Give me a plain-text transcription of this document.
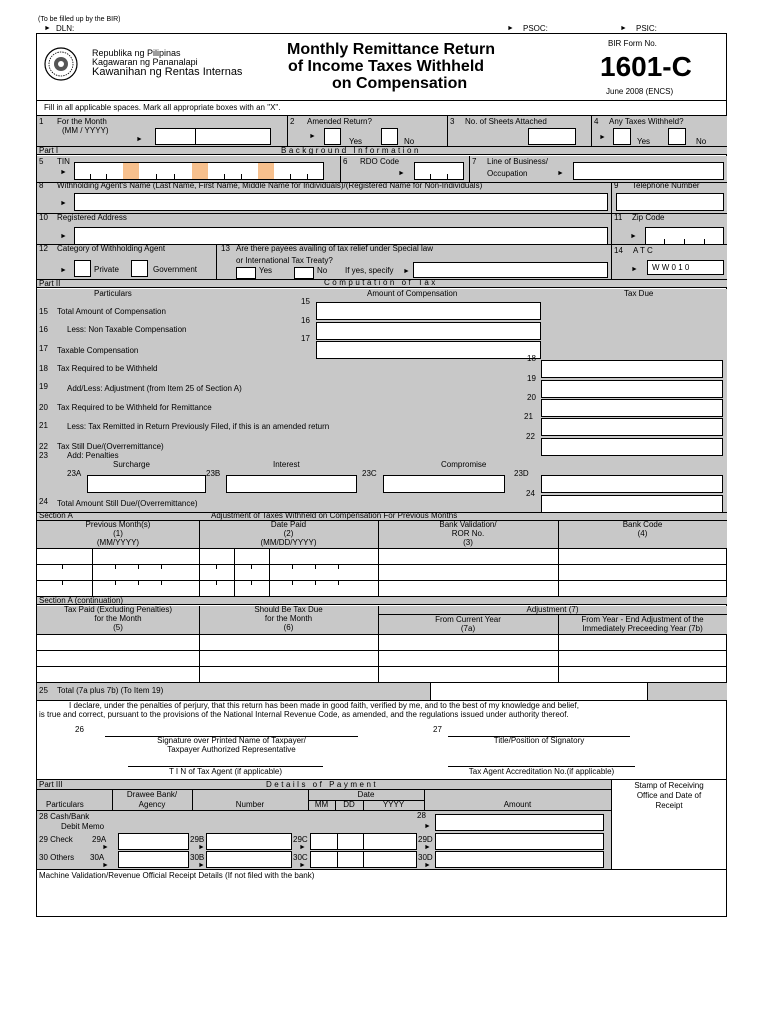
(To be filled up by the BIR)
► DLN:	► PSOC:	► PSIC:
Republika ng Pilipinas
Kagawaran ng Pananalapi
Kawanihan ng Rentas Internas
Monthly Remittance Return
of Income Taxes Withheld
on Compensation
BIR Form No.
1601-C
June 2008 (ENCS)
Fill in all applicable spaces. Mark all appropriate boxes with an "X".
1 For the Month
(MM / YYYY)
►
2 Amended Return?
►
Yes	No
3 No. of Sheets Attached	4 Any Taxes Withheld?
►	Yes	No
Part I	Background Information
5 TIN
►
6 RDO Code
►
7 Line of Business/
Occupation	►
8 Withholding Agent's Name (Last Name, First Name, Middle Name for Individuals)/(Registered Name for Non-Individuals)
►
9 Telephone Number
10 Registered Address
►
11 Zip Code
►
12 Category of Withholding Agent
►	Private	Government
13 Are there payees availing of tax relief under Special law
or International Tax Treaty?
Yes	No If yes, specify ►
14 A T C
► W W 0 1 0
Part II	Computation of Tax
Particulars	Amount of Compensation	Tax Due
15 Total Amount of Compensation
15
16 Less: Non Taxable Compensation
16
17 Taxable Compensation
17
18 Tax Required to be Withheld
18
19 Add/Less: Adjustment (from Item 25 of Section A)
19
20 Tax Required to be Withheld for Remittance
20
21 Less: Tax Remitted in Return Previously Filed, if this is an amended return
21
22 Tax Still Due/(Overremittance)
22
23 Add: Penalties
Surcharge	Interest	Compromise
23A	23B	23C	23D
24 Total Amount Still Due/(Overremittance)
24
Section A	Adjustment of Taxes Withheld on Compensation For Previous Months
Previous Month(s)
(1)
(MM/YYYY)
Date Paid
(2)
(MM/DD/YYYY)
Bank Validation/
ROR No.
(3)
Bank Code
(4)
Section A (continuation)
Tax Paid (Excluding Penalties)
for the Month
(5)
Should Be Tax Due
for the Month
(6)
Adjustment (7)
From Current Year
(7a)
From Year - End Adjustment of the
Immediately Preceeding Year (7b)
25 Total (7a plus 7b) (To Item 19)
I declare, under the penalties of perjury, that this return has been made in good faith, verified by me, and to the best of my knowledge and belief,
is true and correct, pursuant to the provisions of the National Internal Revenue Code, as amended, and the regulations issued under authority thereof.
26
Signature over Printed Name of Taxpayer/
Taxpayer Authorized Representative
27
Title/Position of Signatory
T I N of Tax Agent (if applicable)	Tax Agent Accreditation No.(if applicable)
Part III	Details of Payment	Stamp of Receiving
Office and Date of
Receipt
Particulars
Drawee Bank/
Agency	Number
Date
MM	DD	YYYY	Amount
28 Cash/Bank
Debit Memo
28
►
29 Check 29A
►
29B
►
29C
►
29D
►
30 Others 30A
►
30B
►
30C
►
30D
►
Machine Validation/Revenue Official Receipt Details (If not filed with the bank)
